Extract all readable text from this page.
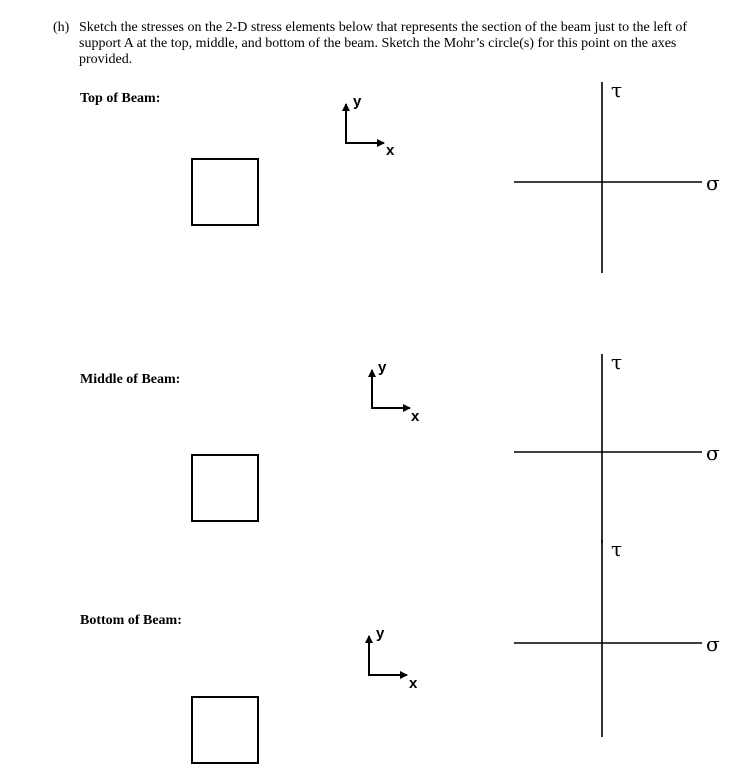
(h) Sketch the stresses on the 2-D stress elements below that represents the section of the beam just to the left of support A at the top, middle, and bottom of the beam. Sketch the Mohr’s circle(s) for this point on the axes provided.
Top of Beam:
Middle of Beam:
Bottom of Beam:
y
x
σ
τ
y
x
σ
τ
y
x
σ
τ
